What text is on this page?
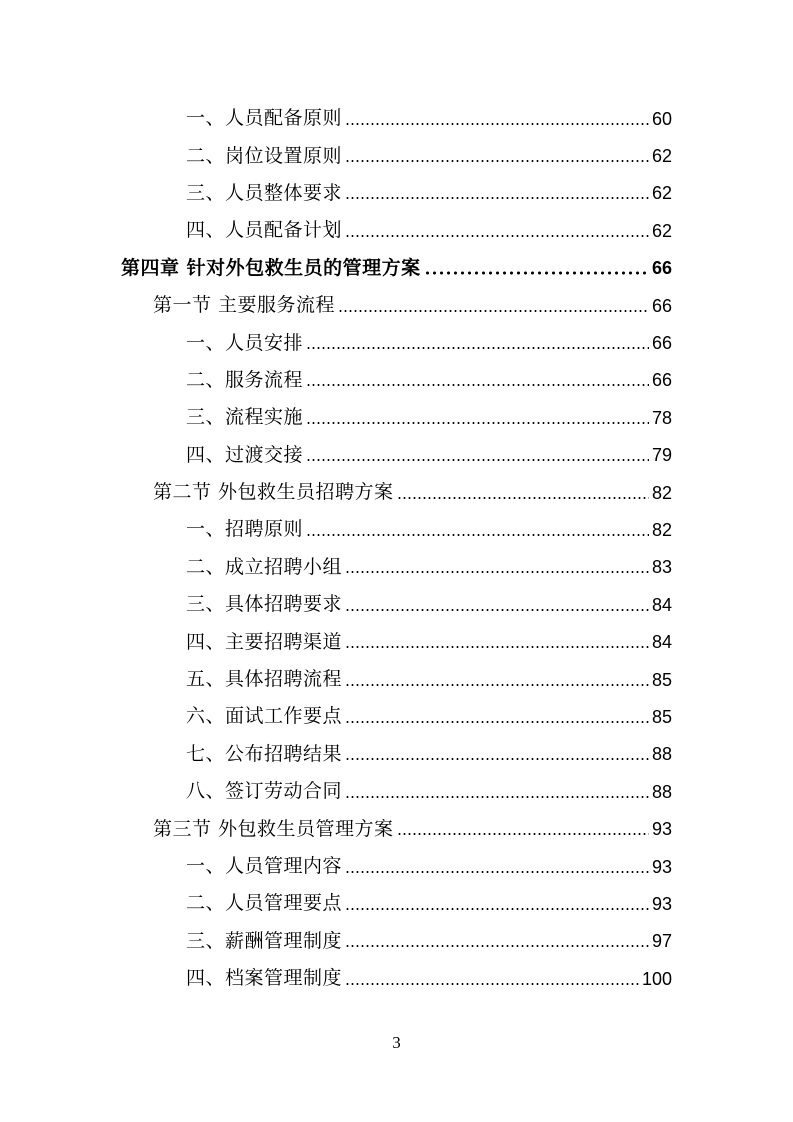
一、人员配备原则	60
二、岗位设置原则	62
三、人员整体要求	62
四、人员配备计划	62
第四章 针对外包救生员的管理方案	66
第一节 主要服务流程	66
一、人员安排	66
二、服务流程	66
三、流程实施	78
四、过渡交接	79
第二节 外包救生员招聘方案	82
一、招聘原则	82
二、成立招聘小组	83
三、具体招聘要求	84
四、主要招聘渠道	84
五、具体招聘流程	85
六、面试工作要点	85
七、公布招聘结果	88
八、签订劳动合同	88
第三节 外包救生员管理方案	93
一、人员管理内容	93
二、人员管理要点	93
三、薪酬管理制度	97
四、档案管理制度	100
3
